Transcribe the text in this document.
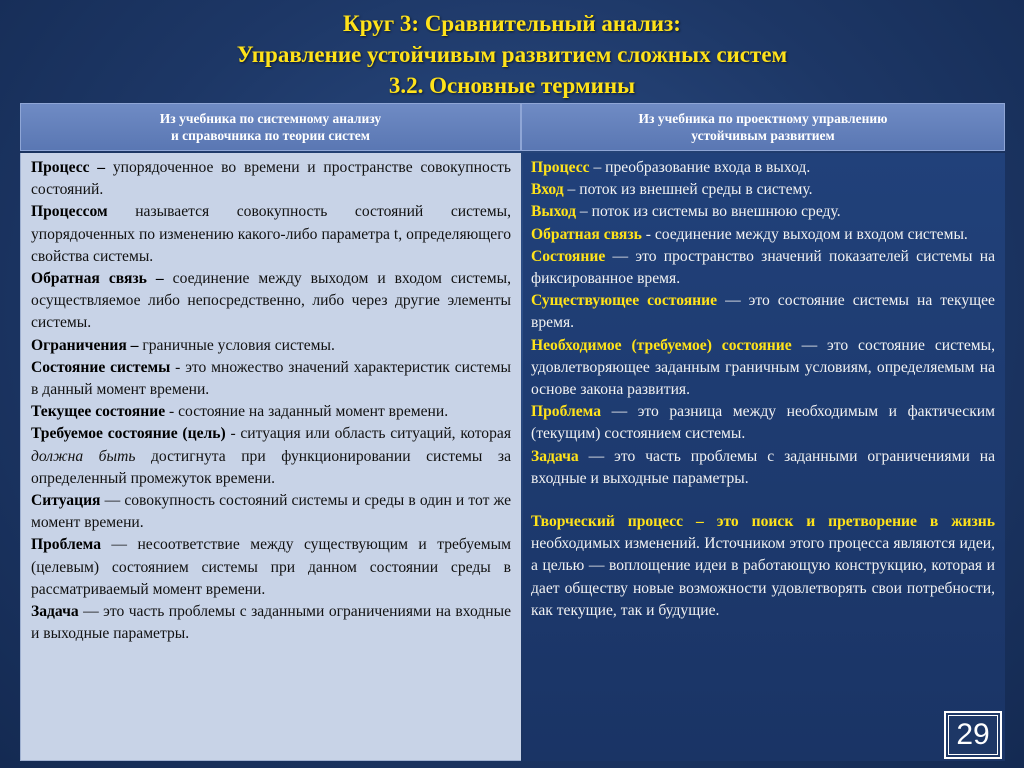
Круг 3: Сравнительный анализ:
Управление устойчивым развитием сложных систем
3.2. Основные термины
Из учебника по системному анализу
и справочника по теории систем
Из учебника по проектному управлению
устойчивым развитием

Процесс – упорядоченное во времени и пространстве совокупность состояний.

Процессом называется совокупность состояний системы, упорядоченных по изменению какого-либо параметра t, определяющего свойства системы.

Обратная связь – соединение между выходом и входом системы, осуществляемое либо непосредственно, либо через другие элементы системы.

Ограничения – граничные условия системы.

Состояние системы - это множество значений характеристик системы в данный момент времени.

Текущее состояние - состояние на заданный момент времени.

Требуемое состояние (цель) - ситуация или область ситуаций, которая должна быть достигнута при функционировании системы за определенный промежуток времени.

Ситуация — совокупность состояний системы и среды в один и тот же момент времени.

Проблема — несоответствие между существующим и требуемым (целевым) состоянием системы при данном состоянии среды в рассматриваемый момент времени.

Задача — это часть проблемы с заданными ограничениями на входные и выходные параметры.

Процесс – преобразование входа в выход.

Вход – поток из внешней среды в систему.

Выход – поток из системы во внешнюю среду.

Обратная связь - соединение между выходом и входом системы.

Состояние — это пространство значений показателей системы на фиксированное время.

Существующее состояние — это состояние системы на текущее время.

Необходимое (требуемое) состояние — это состояние системы, удовлетворяющее заданным граничным условиям, определяемым на основе закона развития.

Проблема — это разница между необходимым и фактическим (текущим) состоянием системы.

Задача — это часть проблемы с заданными ограничениями на входные и выходные параметры.

Творческий процесс – это поиск и претворение в жизнь необходимых изменений. Источником этого процесса являются идеи, а целью — воплощение идеи в работающую конструкцию, которая и дает обществу новые возможности удовлетворять свои потребности, как текущие, так и будущие.

29
